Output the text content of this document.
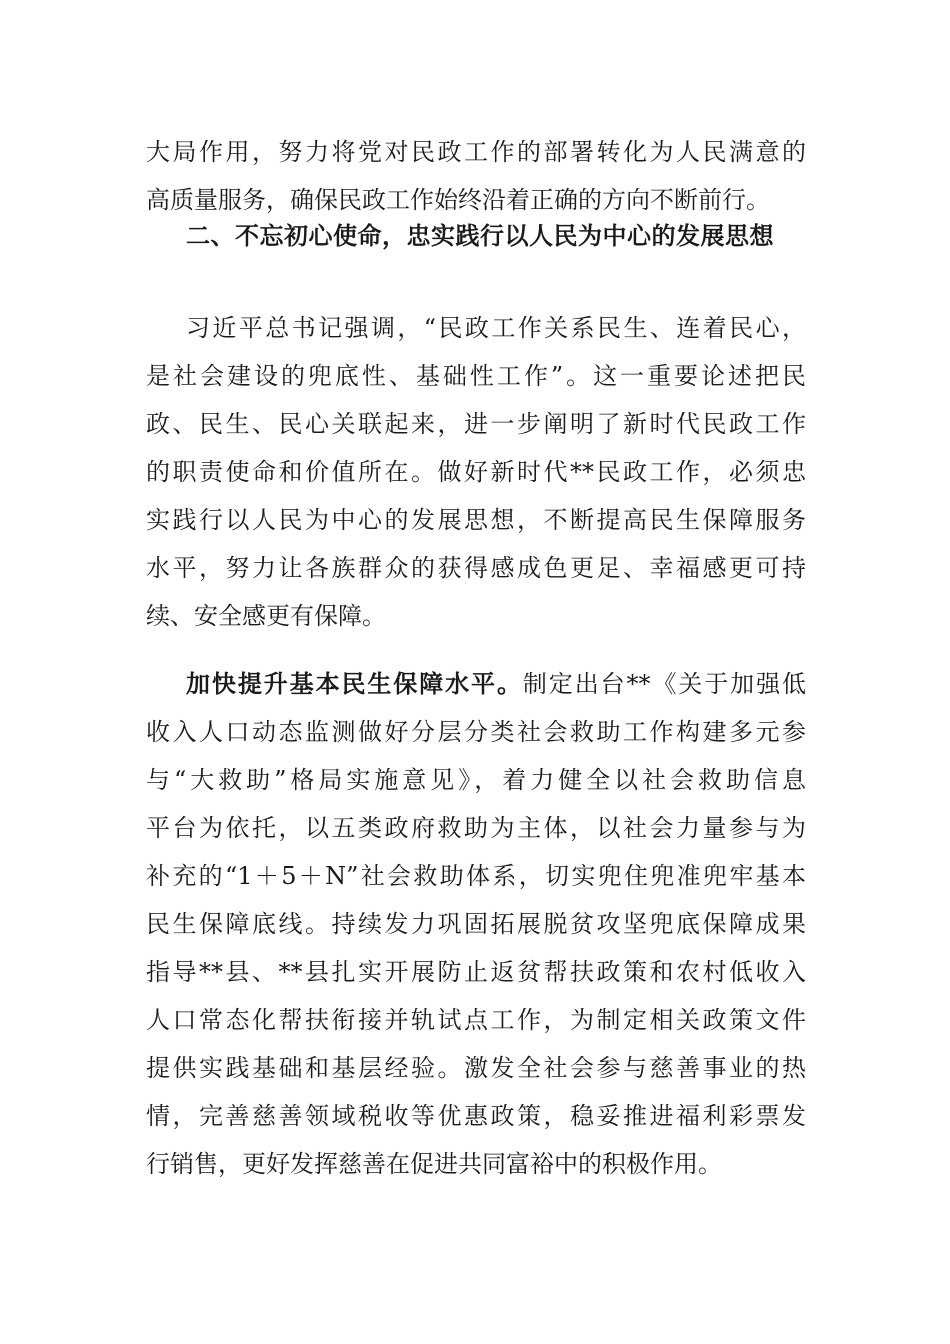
大局作用，努力将党对民政工作的部署转化为人民满意的
高质量服务，确保民政工作始终沿着正确的方向不断前行。
二、不忘初心使命，忠实践行以人民为中心的发展思想
习近平总书记强调，“民政工作关系民生、连着民心，
是社会建设的兜底性、基础性工作”。这一重要论述把民
政、民生、民心关联起来，进一步阐明了新时代民政工作
的职责使命和价值所在。做好新时代**民政工作，必须忠
实践行以人民为中心的发展思想，不断提高民生保障服务
水平，努力让各族群众的获得感成色更足、幸福感更可持
续、安全感更有保障。
加快提升基本民生保障水平。制定出台**《关于加强低
收入人口动态监测做好分层分类社会救助工作构建多元参
与“大救助”格局实施意见》，着力健全以社会救助信息
平台为依托，以五类政府救助为主体，以社会力量参与为
补充的“1＋5＋N”社会救助体系，切实兜住兜准兜牢基本
民生保障底线。持续发力巩固拓展脱贫攻坚兜底保障成果
指导**县、**县扎实开展防止返贫帮扶政策和农村低收入
人口常态化帮扶衔接并轨试点工作，为制定相关政策文件
提供实践基础和基层经验。激发全社会参与慈善事业的热
情，完善慈善领域税收等优惠政策，稳妥推进福利彩票发
行销售，更好发挥慈善在促进共同富裕中的积极作用。
